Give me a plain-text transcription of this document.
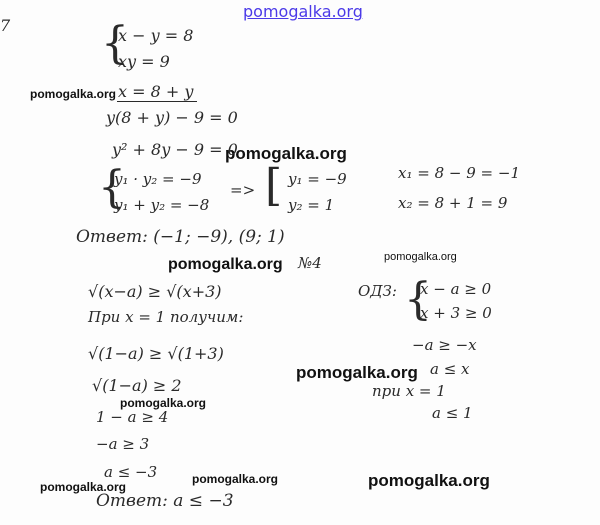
pomogalka.org
pomogalka.org
pomogalka.org
pomogalka.org	pomogalka.org
pomogalka.org
pomogalka.org
pomogalka.org
pomogalka.org	pomogalka.org
7 {
x − y = 8
xy = 9
x = 8 + y
y(8 + y) − 9 = 0
y² + 8y − 9 = 0
{
y₁ · y₂ = −9
y₁ + y₂ = −8
=> [ y₁ = −9
y₂ = 1
x₁ = 8 − 9 = −1
x₂ = 8 + 1 = 9
Ответ: (−1; −9), (9; 1)
№4
√(x−a) ≥ √(x+3)
При x = 1 получим:
ОДЗ: {
x − a ≥ 0
x + 3 ≥ 0
√(1−a) ≥ √(1+3)
√(1−a) ≥ 2
1 − a ≥ 4
−a ≥ 3
a ≤ −3
−a ≥ −x
a ≤ x
при x = 1
a ≤ 1
Ответ: a ≤ −3
